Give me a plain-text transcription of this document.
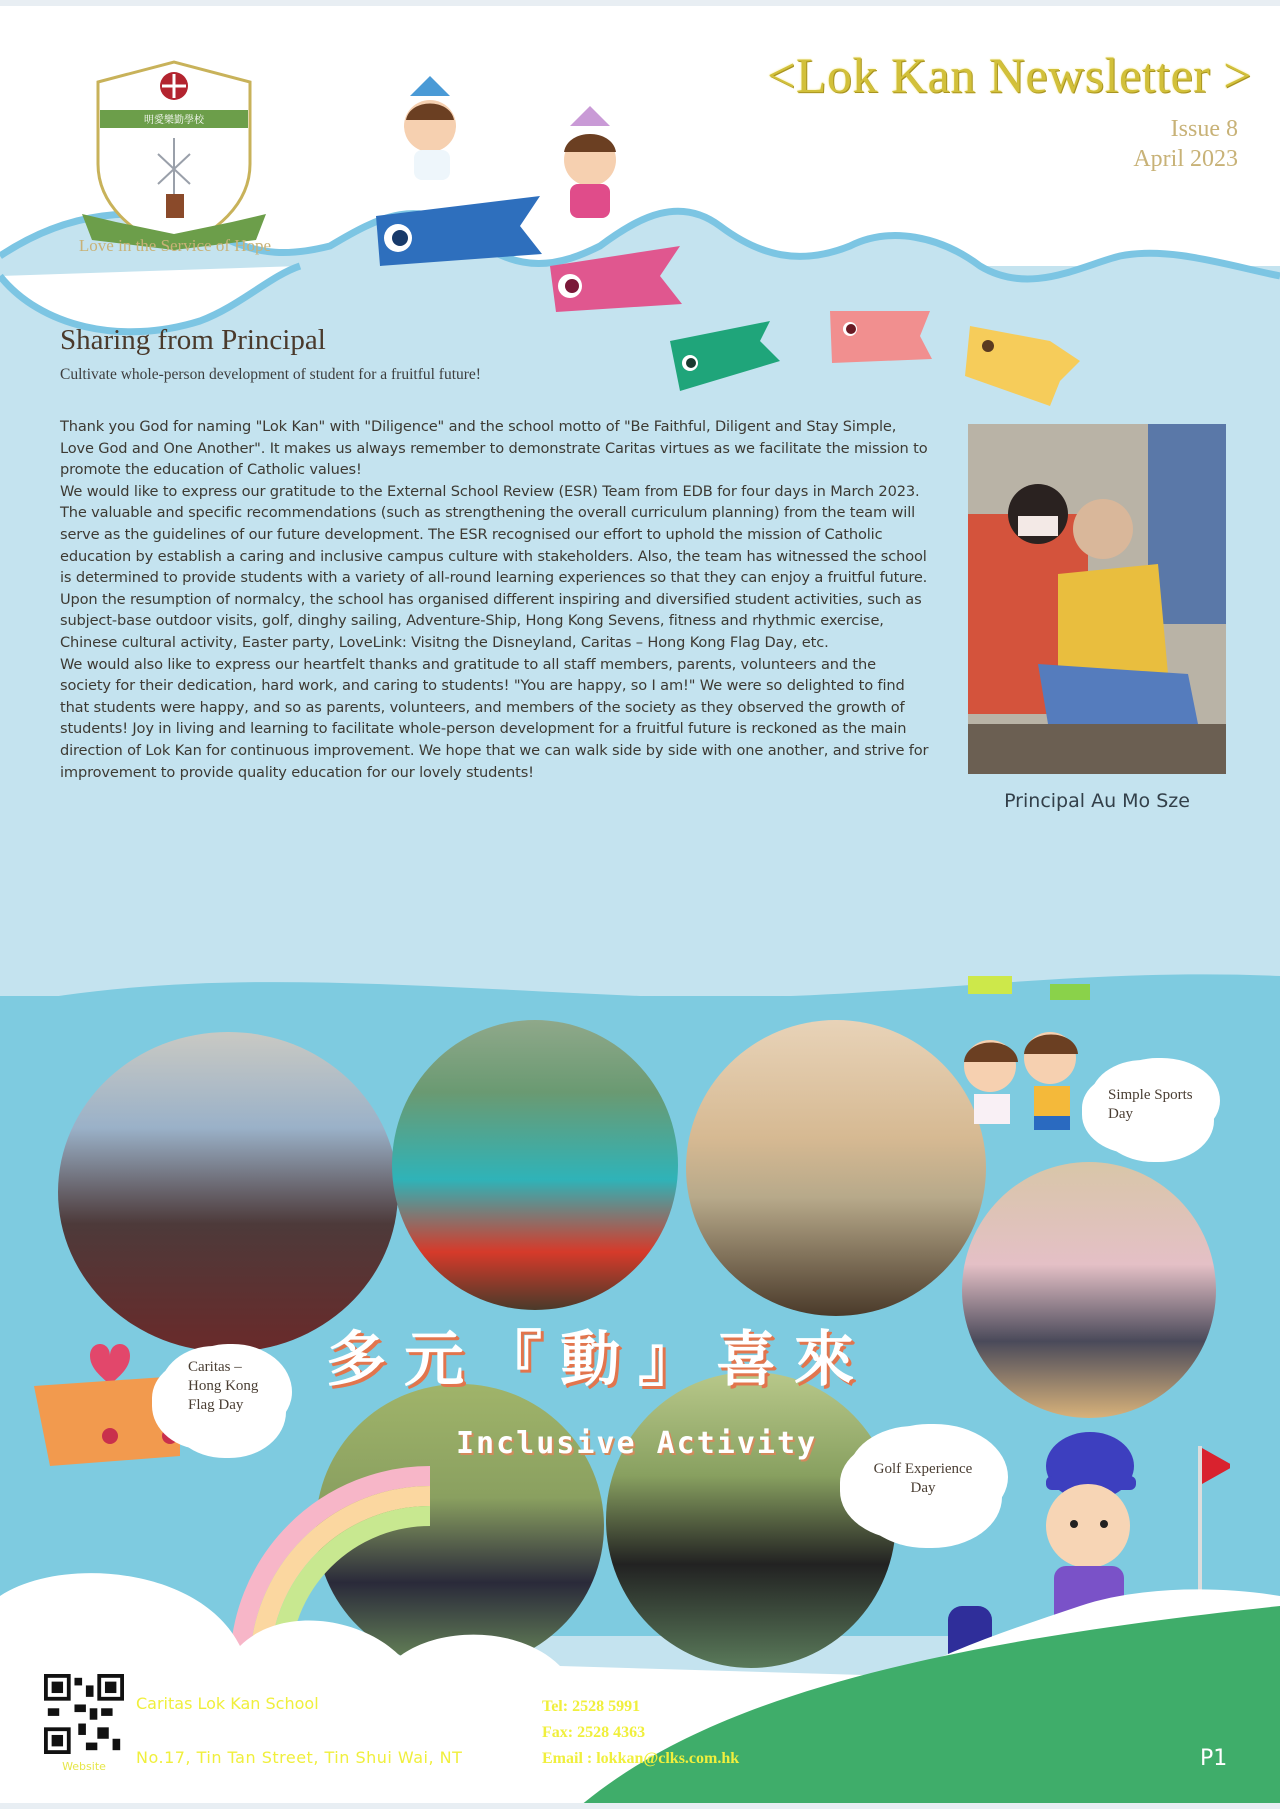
明愛樂勤學校
Love in the Service of Hope
<Lok Kan Newsletter >
Issue 8
April 2023
Sharing from Principal
Cultivate whole-person development of student for a fruitful future!

Thank you God for naming "Lok Kan" with "Diligence" and the school motto of "Be Faithful, Diligent and Stay Simple, Love God and One Another". It makes us always remember to demonstrate Caritas virtues as we facilitate the mission to promote the education of Catholic values!

We would like to express our gratitude to the External School Review (ESR) Team from EDB for four days in March 2023. The valuable and specific recommendations (such as strengthening the overall curriculum planning) from the team will serve as the guidelines of our future development. The ESR recognised our effort to uphold the mission of Catholic education by establish a caring and inclusive campus culture with stakeholders. Also, the team has witnessed the school is determined to provide students with a variety of all-round learning experiences so that they can enjoy a fruitful future.

Upon the resumption of normalcy, the school has organised different inspiring and diversified student activities, such as subject-base outdoor visits, golf, dinghy sailing, Adventure-Ship, Hong Kong Sevens, fitness and rhythmic exercise, Chinese cultural activity, Easter party, LoveLink: Visitng the Disneyland, Caritas – Hong Kong Flag Day, etc.

We would also like to express our heartfelt thanks and gratitude to all staff members, parents, volunteers and the society for their dedication, hard work, and caring to students! "You are happy, so I am!" We were so delighted to find that students were happy, and so as parents, volunteers, and members of the society as they observed the growth of students! Joy in living and learning to facilitate whole-person development for a fruitful future is reckoned as the main direction of Lok Kan for continuous improvement. We hope that we can walk side by side with one another, and strive for improvement to provide quality education for our lovely students!

Principal Au Mo Sze
Caritas –
Hong Kong
Flag Day
Simple Sports
Day
Golf Experience
Day
多元『動』喜來
Inclusive Activity
Website
Caritas Lok Kan School
No.17, Tin Tan Street, Tin Shui Wai, NT
Tel: 2528 5991
Fax: 2528 4363
Email : lokkan@clks.com.hk	P1
